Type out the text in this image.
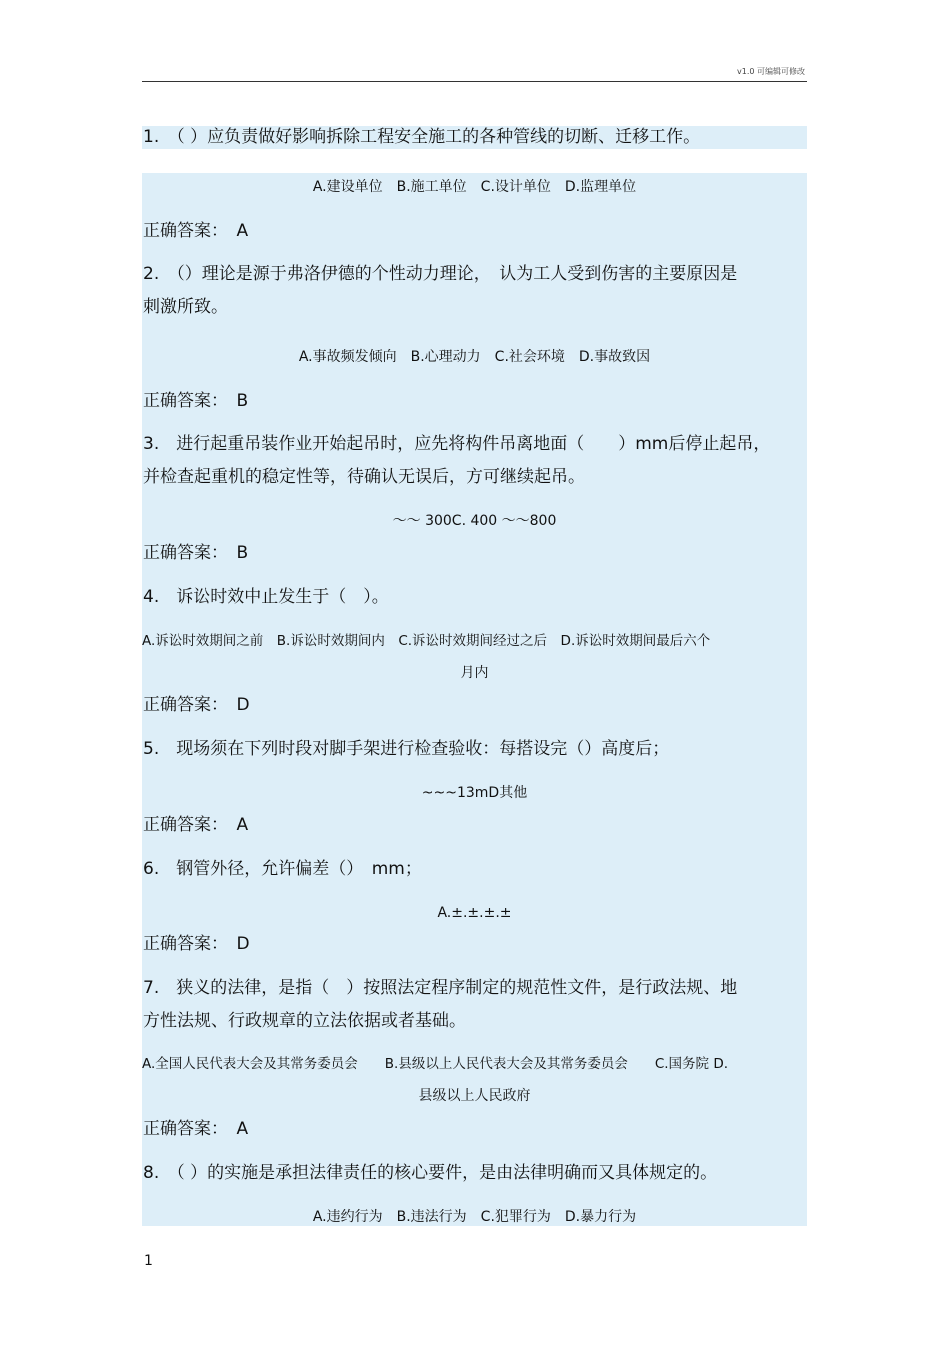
v1.0 可编辑可修改
1.　（ ）应负责做好影响拆除工程安全施工的各种管线的切断、迁移工作。
A.建设单位　B.施工单位　C.设计单位　D.监理单位
正确答案：　A
2.　（）理论是源于弗洛伊德的个性动力理论，　认为工人受到伤害的主要原因是
刺激所致。
A.事故频发倾向　B.心理动力　C.社会环境　D.事故致因
正确答案：　B
3.　进行起重吊装作业开始起吊时，应先将构件吊离地面（　　）mm后停止起吊，
并检查起重机的稳定性等，待确认无误后，方可继续起吊。
～～ 300C. 400 ～～800
正确答案：　B
4.　诉讼时效中止发生于（　）。
A.诉讼时效期间之前　B.诉讼时效期间内　C.诉讼时效期间经过之后　D.诉讼时效期间最后六个
月内
正确答案：　D
5.　现场须在下列时段对脚手架进行检查验收：每搭设完（）高度后；
~~~13mD其他
正确答案：　A
6.　钢管外径，允许偏差（）　mm；
A.±.±.±.±
正确答案：　D
7.　狭义的法律，是指（　）按照法定程序制定的规范性文件，是行政法规、地
方性法规、行政规章的立法依据或者基础。
A.全国人民代表大会及其常务委员会　　B.县级以上人民代表大会及其常务委员会　　C.国务院 D.
县级以上人民政府
正确答案：　A
8.　（ ）的实施是承担法律责任的核心要件，是由法律明确而又具体规定的。
A.违约行为　B.违法行为　C.犯罪行为　D.暴力行为
1
